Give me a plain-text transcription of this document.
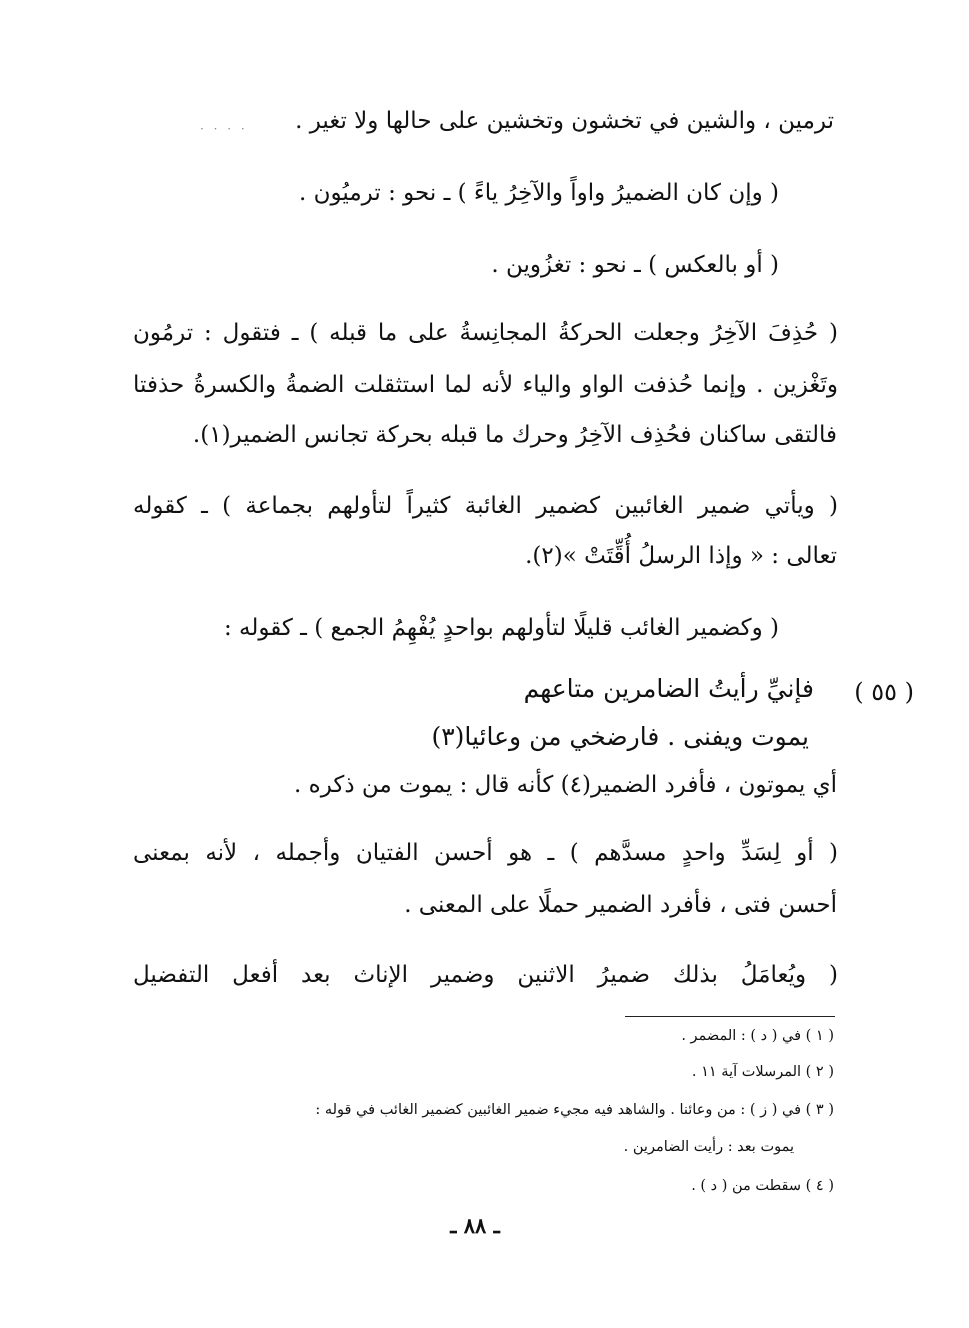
· · · · ترمين ، والشين في تخشون وتخشين على حالها ولا تغير .
( وإن كان الضميرُ واواً والآخِرُ ياءً ) ـ نحو : ترميُون .
( أو بالعكس ) ـ نحو : تغزُوين .
( حُذِفَ الآخِرُ وجعلت الحركةُ المجانِسةُ على ما قبله ) ـ فتقول : ترمُون
وتَغْزين . وإنما حُذفت الواو والياء لأنه لما استثقلت الضمةُ والكسرةُ حذفتا
فالتقى ساكنان فحُذِف الآخِرُ وحرك ما قبله بحركة تجانس الضمير(١).
( ويأتي ضمير الغائبين كضمير الغائبة كثيراً لتأولهم بجماعة ) ـ كقوله
تعالى : « وإذا الرسلُ أُقِّتَتْ »(٢).
( وكضمير الغائب قليلًا لتأولهم بواحدٍ يُفْهِمُ الجمع ) ـ كقوله :
( ٥٥ )
فإنيِّ رأيتُ الضامرين متاعهم
يموت ويفنى . فارضخي من وعائيا(٣)
أي يموتون ، فأفرد الضمير(٤) كأنه قال : يموت من ذكره .
( أو لِسَدِّ واحدٍ مسدَّهم ) ـ هو أحسن الفتيان وأجمله ، لأنه بمعنى
أحسن فتى ، فأفرد الضمير حملًا على المعنى .
( ويُعامَلُ بذلك ضميرُ الاثنين وضمير الإناث بعد أفعل التفضيل
( ١ ) في ( د ) : المضمر .
( ٢ ) المرسلات آية ١١ .
( ٣ ) في ( ز ) : من وعائنا . والشاهد فيه مجيء ضمير الغائبين كضمير الغائب في قوله :
يموت بعد : رأيت الضامرين .
( ٤ ) سقطت من ( د ) .
ـ ٨٨ ـ
